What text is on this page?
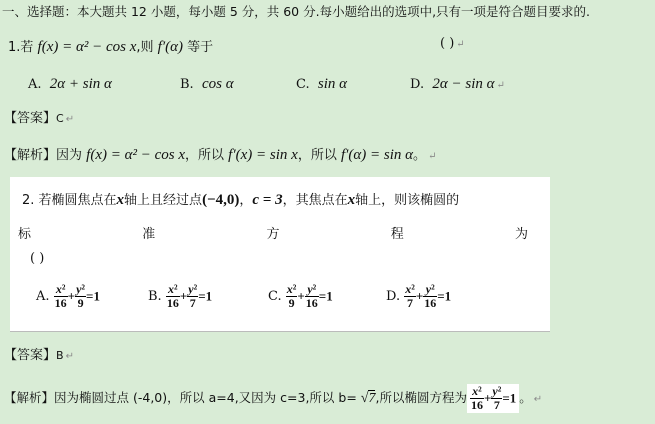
一、选择题：本大题共 12 小题，每小题 5 分，共 60 分.每小题给出的选项中,只有一项是符合题目要求的.
1.若 f(x) = α² − cos x,则 f′(α) 等于	( ) ↵
A. 2α + sin α	B. cos α	C. sin α	D. 2α − sin α ↵
【答案】C ↵
【解析】因为 f(x) = α² − cos x，所以 f′(x) = sin x，所以 f′(α) = sin α。 ↵
2. 若椭圆焦点在x轴上且经过点(−4,0)，c = 3，其焦点在x轴上，则该椭圆的
标	准	方	程	为
( )
A. $\frac{\text{x²}}{16} + \frac{\text{y²}}{9} =1$	B. $\frac{\text{x²}}{16} + \frac{\text{y²}}{7} =1$	C. $\frac{\text{x²}}{9} + \frac{\text{y²}}{16} =1$	D. $\frac{\text{x²}}{7} + \frac{\text{y²}}{16} =1$
【答案】B ↵
【解析】因为椭圆过点 (-4,0)，所以 a=4,又因为 c=3,所以 b= √7,所以椭圆方程为 $\frac{\text{x²}}{16} + \frac{\text{y²}}{7} =1$ 。 ↵
